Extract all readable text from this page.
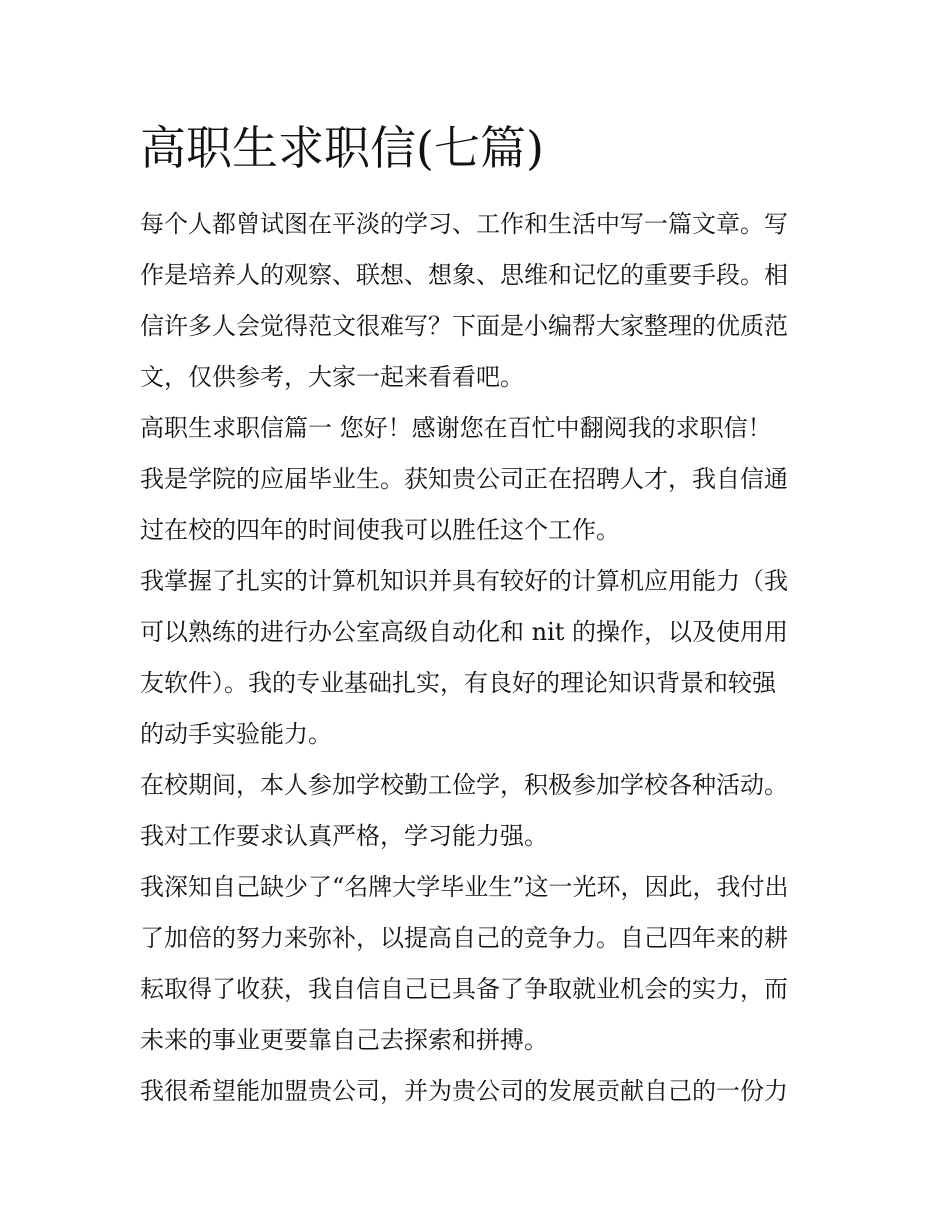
高职生求职信(七篇)
每个人都曾试图在平淡的学习、工作和生活中写一篇文章。写
作是培养人的观察、联想、想象、思维和记忆的重要手段。相
信许多人会觉得范文很难写？下面是小编帮大家整理的优质范
文，仅供参考，大家一起来看看吧。
高职生求职信篇一 您好！感谢您在百忙中翻阅我的求职信！
我是学院的应届毕业生。获知贵公司正在招聘人才，我自信通
过在校的四年的时间使我可以胜任这个工作。
我掌握了扎实的计算机知识并具有较好的计算机应用能力（我
可以熟练的进行办公室高级自动化和 nit 的操作，以及使用用
友软件）。我的专业基础扎实，有良好的理论知识背景和较强
的动手实验能力。
在校期间，本人参加学校勤工俭学，积极参加学校各种活动。
我对工作要求认真严格，学习能力强。
我深知自己缺少了“名牌大学毕业生”这一光环，因此，我付出
了加倍的努力来弥补，以提高自己的竞争力。自己四年来的耕
耘取得了收获，我自信自己已具备了争取就业机会的实力，而
未来的事业更要靠自己去探索和拼搏。
我很希望能加盟贵公司，并为贵公司的发展贡献自己的一份力
